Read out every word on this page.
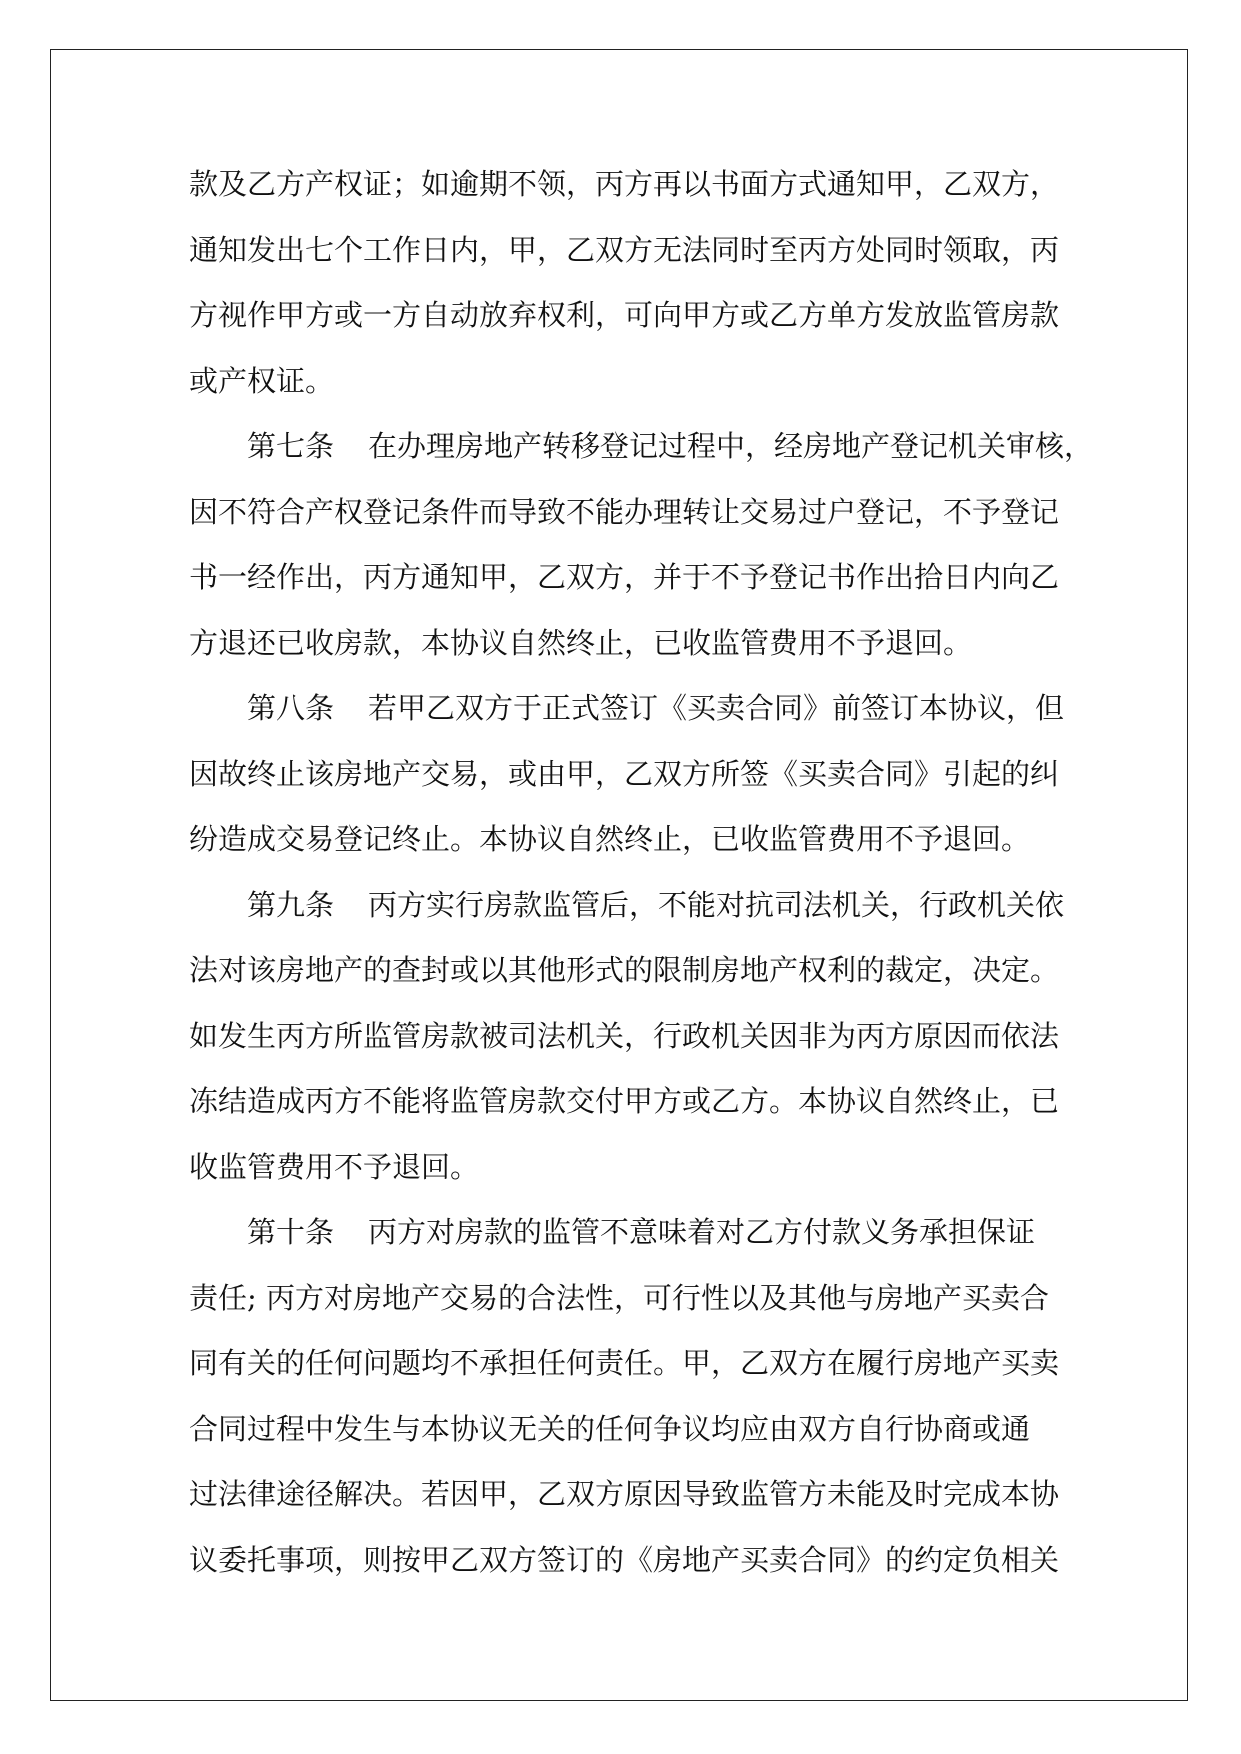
款及乙方产权证；如逾期不领，丙方再以书面方式通知甲，乙双方，
通知发出七个工作日内，甲，乙双方无法同时至丙方处同时领取，丙
方视作甲方或一方自动放弃权利，可向甲方或乙方单方发放监管房款
或产权证。
第七条 在办理房地产转移登记过程中，经房地产登记机关审核，
因不符合产权登记条件而导致不能办理转让交易过户登记，不予登记
书一经作出，丙方通知甲，乙双方，并于不予登记书作出拾日内向乙
方退还已收房款，本协议自然终止，已收监管费用不予退回。
第八条 若甲乙双方于正式签订《买卖合同》前签订本协议，但
因故终止该房地产交易，或由甲，乙双方所签《买卖合同》引起的纠
纷造成交易登记终止。本协议自然终止，已收监管费用不予退回。
第九条 丙方实行房款监管后，不能对抗司法机关，行政机关依
法对该房地产的查封或以其他形式的限制房地产权利的裁定，决定。
如发生丙方所监管房款被司法机关，行政机关因非为丙方原因而依法
冻结造成丙方不能将监管房款交付甲方或乙方。本协议自然终止，已
收监管费用不予退回。
第十条 丙方对房款的监管不意味着对乙方付款义务承担保证
责任; 丙方对房地产交易的合法性，可行性以及其他与房地产买卖合
同有关的任何问题均不承担任何责任。甲，乙双方在履行房地产买卖
合同过程中发生与本协议无关的任何争议均应由双方自行协商或通
过法律途径解决。若因甲，乙双方原因导致监管方未能及时完成本协
议委托事项，则按甲乙双方签订的《房地产买卖合同》的约定负相关
